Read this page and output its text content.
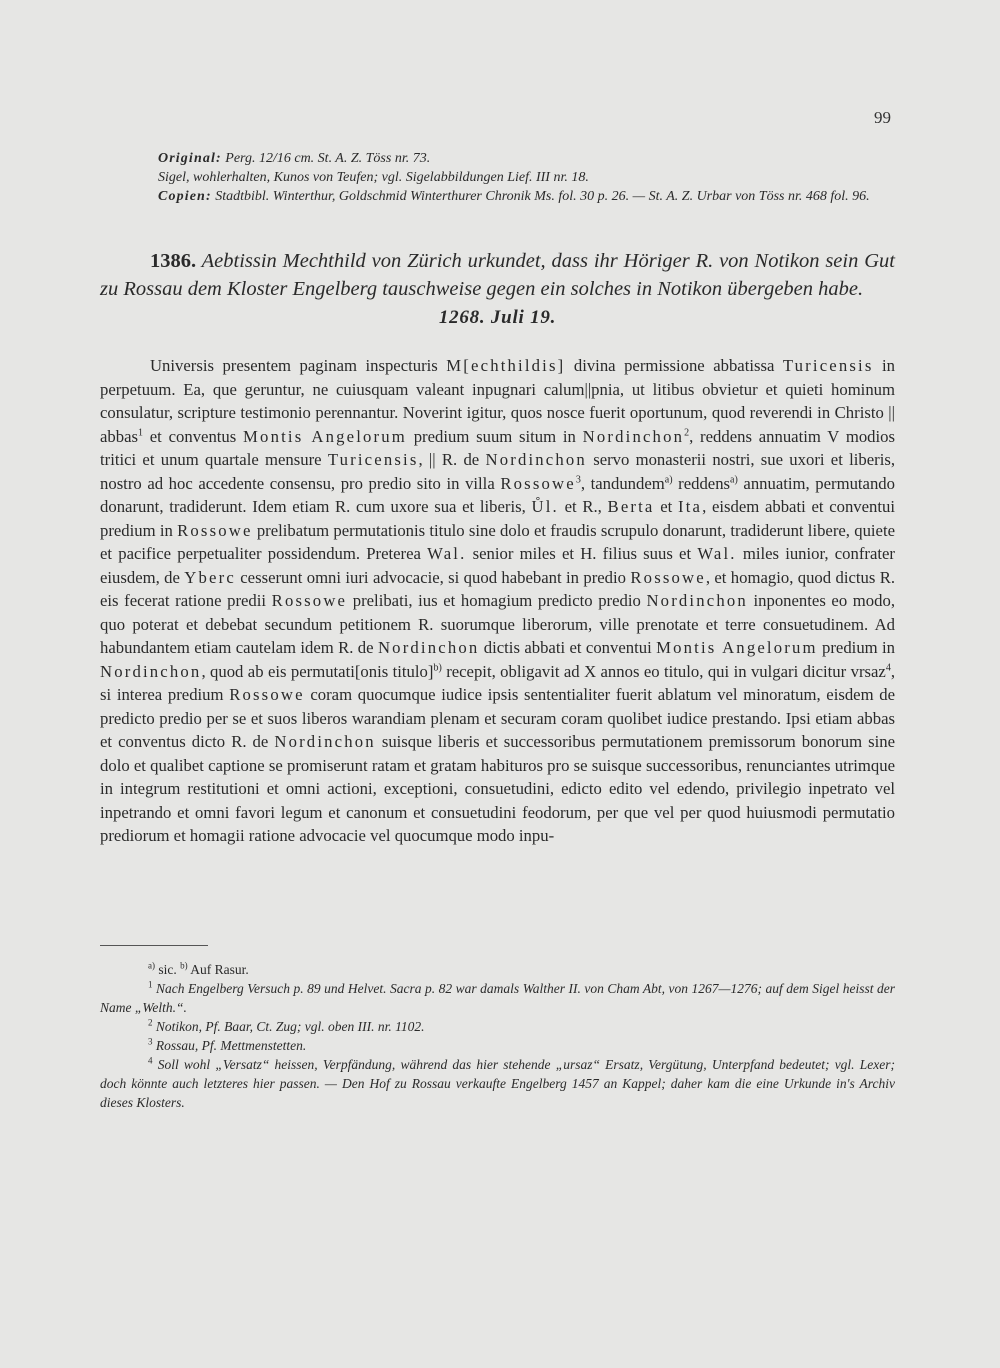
99

Original: Perg. 12/16 cm. St. A. Z. Töss nr. 73.

Sigel, wohlerhalten, Kunos von Teufen; vgl. Sigelabbildungen Lief. III nr. 18.

Copien: Stadtbibl. Winterthur, Goldschmid Winterthurer Chronik Ms. fol. 30 p. 26. — St. A. Z. Urbar von Töss nr. 468 fol. 96.

1386. Aebtissin Mechthild von Zürich urkundet, dass ihr Höriger R. von Notikon sein Gut zu Rossau dem Kloster Engelberg tauschweise gegen ein solches in Notikon übergeben habe.

1268. Juli 19.

Universis presentem paginam inspecturis M[echthildis] divina permissione abbatissa Turicensis in perpetuum. Ea, que geruntur, ne cuiusquam valeant inpugnari calum||pnia, ut litibus obvietur et quieti hominum consulatur, scripture testimonio perennantur. Noverint igitur, quos nosce fuerit oportunum, quod reverendi in Christo || abbas$^1$ et conventus Montis Angelorum predium suum situm in Nordinchon$^2$, reddens annuatim V modios tritici et unum quartale mensure Turicensis, || R. de Nordinchon servo monasterii nostri, sue uxori et liberis, nostro ad hoc accedente consensu, pro predio sito in villa Rossowe$^3$, tandundem$^{a)}$ reddens$^{a)}$ annuatim, permutando donarunt, tradiderunt. Idem etiam R. cum uxore sua et liberis, Ůl. et R., Berta et Ita, eisdem abbati et conventui predium in Rossowe prelibatum permutationis titulo sine dolo et fraudis scrupulo donarunt, tradiderunt libere, quiete et pacifice perpetualiter possidendum. Preterea Wal. senior miles et H. filius suus et Wal. miles iunior, confrater eiusdem, de Yberc cesserunt omni iuri advocacie, si quod habebant in predio Rossowe, et homagio, quod dictus R. eis fecerat ratione predii Rossowe prelibati, ius et homagium predicto predio Nordinchon inponentes eo modo, quo poterat et debebat secundum petitionem R. suorumque liberorum, ville prenotate et terre consuetudinem. Ad habundantem etiam cautelam idem R. de Nordinchon dictis abbati et conventui Montis Angelorum predium in Nordinchon, quod ab eis permutati[onis titulo]$^{b)}$ recepit, obligavit ad X annos eo titulo, qui in vulgari dicitur vrsaz$^4$, si interea predium Rossowe coram quocumque iudice ipsis sententialiter fuerit ablatum vel minoratum, eisdem de predicto predio per se et suos liberos warandiam plenam et securam coram quolibet iudice prestando. Ipsi etiam abbas et conventus dicto R. de Nordinchon suisque liberis et successoribus permutationem premissorum bonorum sine dolo et qualibet captione se promiserunt ratam et gratam habituros pro se suisque successoribus, renunciantes utrimque in integrum restitutioni et omni actioni, exceptioni, consuetudini, edicto edito vel edendo, privilegio inpetrato vel inpetrando et omni favori legum et canonum et consuetudini feodorum, per que vel per quod huiusmodi permutatio prediorum et homagii ratione advocacie vel quocumque modo inpu-

$^{a)}$ sic. $^{b)}$ Auf Rasur.

$^1$ Nach Engelberg Versuch p. 89 und Helvet. Sacra p. 82 war damals Walther II. von Cham Abt, von 1267—1276; auf dem Sigel heisst der Name „Welth.“.

$^2$ Notikon, Pf. Baar, Ct. Zug; vgl. oben III. nr. 1102.

$^3$ Rossau, Pf. Mettmenstetten.

$^4$ Soll wohl „Versatz“ heissen, Verpfändung, während das hier stehende „ursaz“ Ersatz, Vergütung, Unterpfand bedeutet; vgl. Lexer; doch könnte auch letzteres hier passen. — Den Hof zu Rossau verkaufte Engelberg 1457 an Kappel; daher kam die eine Urkunde in's Archiv dieses Klosters.
